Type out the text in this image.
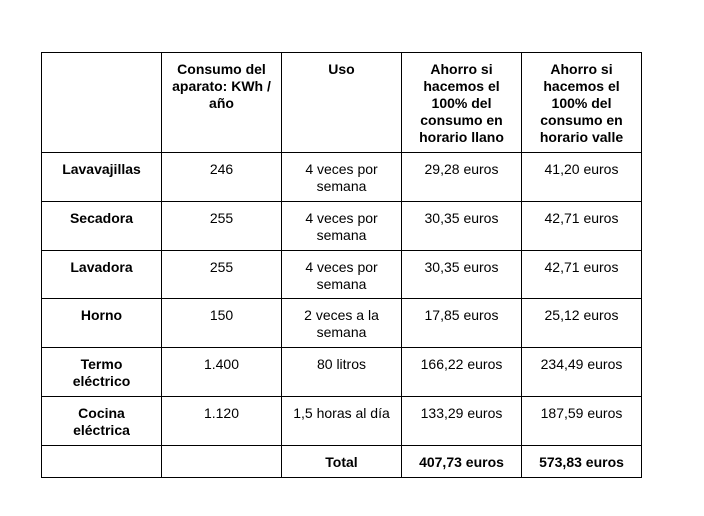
	Consumo del aparato: KWh / año	Uso	Ahorro si hacemos el 100% del consumo en horario llano	Ahorro si hacemos el 100% del consumo en horario valle
Lavavajillas	246	4 veces por semana	29,28 euros	41,20 euros
Secadora	255	4 veces por semana	30,35 euros	42,71 euros
Lavadora	255	4 veces por semana	30,35 euros	42,71 euros
Horno	150	2 veces a la semana	17,85 euros	25,12 euros
Termo eléctrico	1.400	80 litros	166,22 euros	234,49 euros
Cocina eléctrica	1.120	1,5 horas al día	133,29 euros	187,59 euros
		Total	407,73 euros	573,83 euros
